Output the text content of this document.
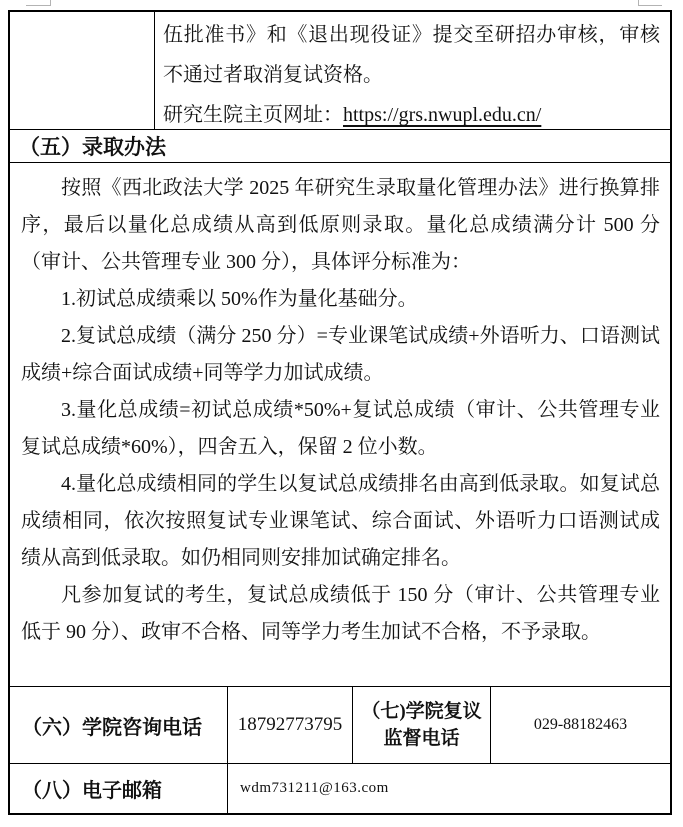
伍批准书》和《退出现役证》提交至研招办审核，审核不通过者取消复试资格。

研究生院主页网址：https://grs.nwupl.edu.cn/

（五）录取办法

按照《西北政法大学 2025 年研究生录取量化管理办法》进行换算排序，最后以量化总成绩从高到低原则录取。量化总成绩满分计 500 分（审计、公共管理专业 300 分），具体评分标准为：

1.初试总成绩乘以 50%作为量化基础分。

2.复试总成绩（满分 250 分）=专业课笔试成绩+外语听力、口语测试成绩+综合面试成绩+同等学力加试成绩。

3.量化总成绩=初试总成绩*50%+复试总成绩（审计、公共管理专业复试总成绩*60%），四舍五入，保留 2 位小数。

4.量化总成绩相同的学生以复试总成绩排名由高到低录取。如复试总成绩相同，依次按照复试专业课笔试、综合面试、外语听力口语测试成绩从高到低录取。如仍相同则安排加试确定排名。

凡参加复试的考生，复试总成绩低于 150 分（审计、公共管理专业低于 90 分）、政审不合格、同等学力考生加试不合格，不予录取。

（六）学院咨询电话	18792773795
（七)学院复议监督电话
029-88182463
（八）电子邮箱	wdm731211@163.com
